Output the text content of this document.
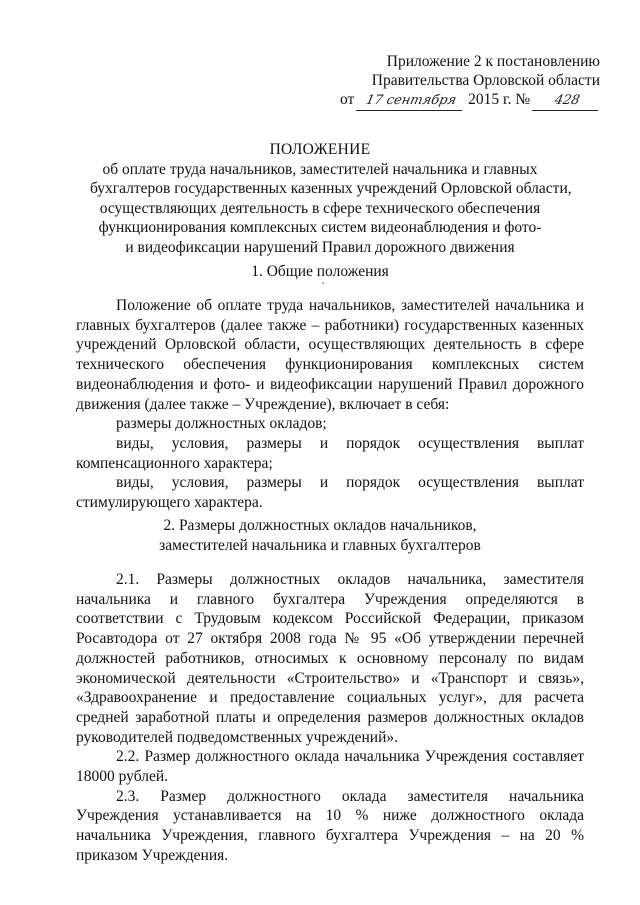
Приложение 2 к постановлению
Правительства Орловской области
от 17 сентября 2015 г. № 428
ПОЛОЖЕНИЕ
об оплате труда начальников, заместителей начальника и главных
бухгалтеров государственных казенных учреждений Орловской области,
осуществляющих деятельность в сфере технического обеспечения
функционирования комплексных систем видеонаблюдения и фото-
и видеофиксации нарушений Правил дорожного движения
1. Общие положения

Положение об оплате труда начальников, заместителей начальника и главных бухгалтеров (далее также – работники) государственных казенных учреждений Орловской области, осуществляющих деятельность в сфере технического обеспечения функционирования комплексных систем видеонаблюдения и фото- и видеофиксации нарушений Правил дорожного движения (далее также – Учреждение), включает в себя:

размеры должностных окладов;

виды, условия, размеры и порядок осуществления выплат компенсационного характера;

виды, условия, размеры и порядок осуществления выплат стимулирующего характера.

2. Размеры должностных окладов начальников,
заместителей начальника и главных бухгалтеров

2.1. Размеры должностных окладов начальника, заместителя начальника и главного бухгалтера Учреждения определяются в соответствии с Трудовым кодексом Российской Федерации, приказом Росавтодора от 27 октября 2008 года № 95 «Об утверждении перечней должностей работников, относимых к основному персоналу по видам экономической деятельности «Строительство» и «Транспорт и связь», «Здравоохранение и предоставление социальных услуг», для расчета средней заработной платы и определения размеров должностных окладов руководителей подведомственных учреждений».

2.2. Размер должностного оклада начальника Учреждения составляет 18000 рублей.

2.3. Размер должностного оклада заместителя начальника Учреждения устанавливается на 10 % ниже должностного оклада начальника Учреждения, главного бухгалтера Учреждения – на 20 % приказом Учреждения.
